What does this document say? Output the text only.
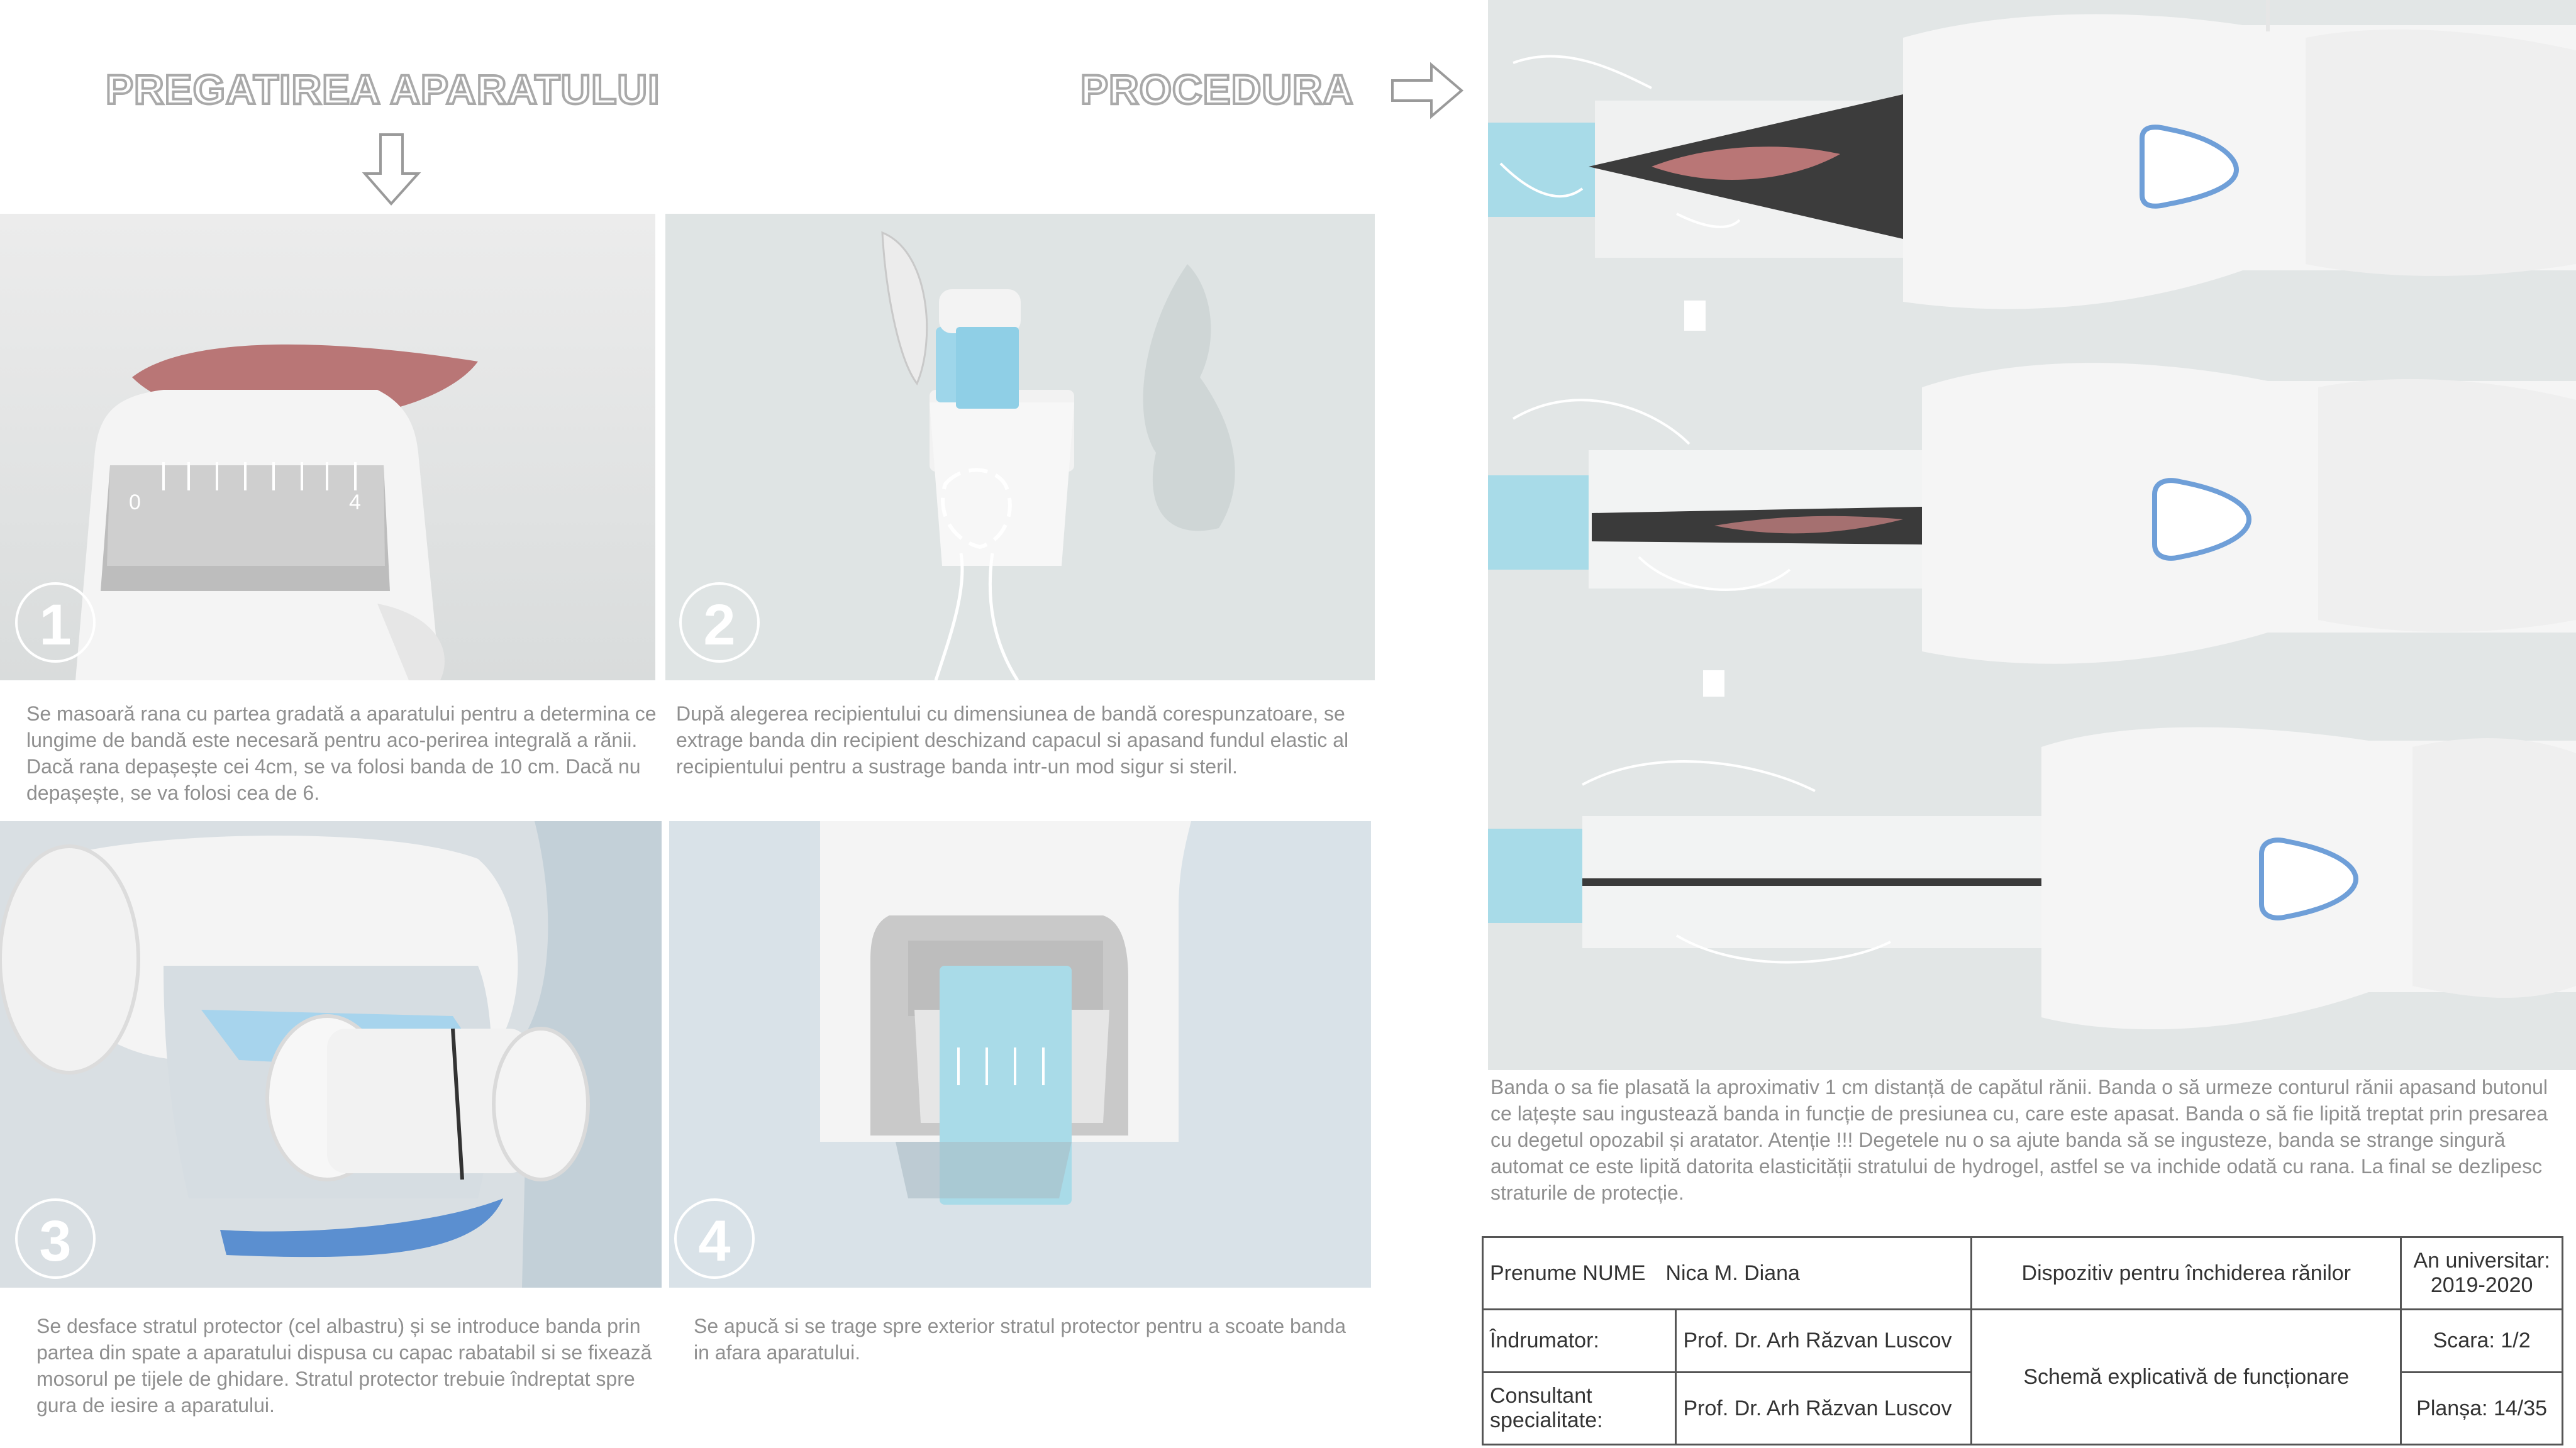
PREGATIREA APARATULUI	PROCEDURA
0	4
1
Se masoară rana cu partea gradată a aparatului pentru a determina ce lungime de bandă este necesară pentru aco-perirea integrală a rănii. Dacă rana depașește cei 4cm, se va folosi banda de 10 cm. Dacă nu depașește, se va folosi cea de 6.
2
După alegerea recipientului cu dimensiunea de bandă corespunzatoare, se extrage banda din recipient deschizand capacul si apasand fundul elastic al recipientului pentru a sustrage banda intr-un mod sigur si steril.
3
Se desface stratul protector (cel albastru) și se introduce banda prin partea din spate a aparatului dispusa cu capac rabatabil si se fixează mosorul pe tijele de ghidare. Stratul protector trebuie îndreptat spre gura de iesire a aparatului.
4
Se apucă si se trage spre exterior stratul protector pentru a scoate banda in afara aparatului.
Banda o sa fie plasată la aproximativ 1 cm distanță de capătul rănii. Banda o să urmeze conturul rănii apasand butonul ce lațește sau ingustează banda in funcție de presiunea cu, care este apasat. Banda o să fie lipită treptat prin presarea cu degetul opozabil și aratator. Atenție !!! Degetele nu o sa ajute banda să se ingusteze, banda se strange singură automat ce este lipită datorita elasticității stratului de hydrogel, astfel se va inchide odată cu rana. La final se dezlipesc straturile de protecție.
Prenume NUME Nica M. Diana		Dispozitiv pentru închiderea rănilor	An universitar:
2019-2020

Îndrumator:	Prof. Dr. Arh Răzvan Luscov	Schemă explicativă de funcționare	Scara: 1/2
Consultant specialitate:	Prof. Dr. Arh Răzvan Luscov		Planșa: 14/35
